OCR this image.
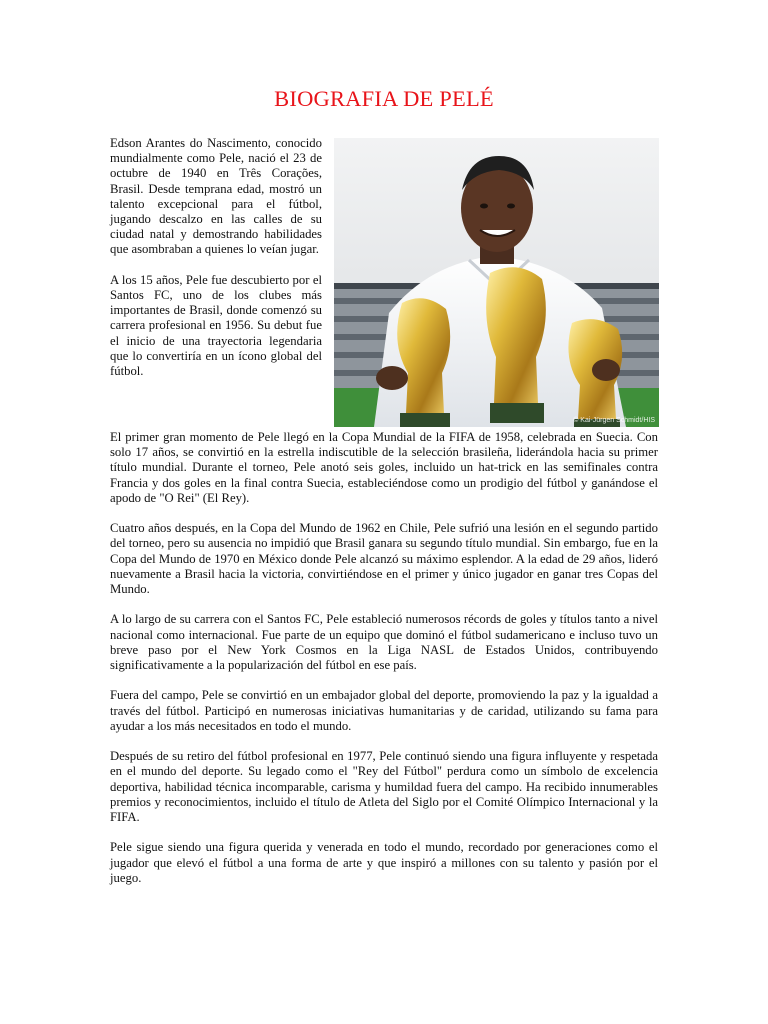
BIOGRAFIA DE PELÉ

Edson Arantes do Nascimento, conocido mundialmente como Pele, nació el 23 de octubre de 1940 en Três Corações, Brasil. Desde temprana edad, mostró un talento excepcional para el fútbol, jugando descalzo en las calles de su ciudad natal y demostrando habilidades que asombraban a quienes lo veían jugar.

A los 15 años, Pele fue descubierto por el Santos FC, uno de los clubes más importantes de Brasil, donde comenzó su carrera profesional en 1956. Su debut fue el inicio de una trayectoria legendaria que lo convertiría en un ícono global del fútbol.

© Kai-Jürgen Schmidt/HIS

El primer gran momento de Pele llegó en la Copa Mundial de la FIFA de 1958, celebrada en Suecia. Con solo 17 años, se convirtió en la estrella indiscutible de la selección brasileña, liderándola hacia su primer título mundial. Durante el torneo, Pele anotó seis goles, incluido un hat-trick en las semifinales contra Francia y dos goles en la final contra Suecia, estableciéndose como un prodigio del fútbol y ganándose el apodo de "O Rei" (El Rey).

Cuatro años después, en la Copa del Mundo de 1962 en Chile, Pele sufrió una lesión en el segundo partido del torneo, pero su ausencia no impidió que Brasil ganara su segundo título mundial. Sin embargo, fue en la Copa del Mundo de 1970 en México donde Pele alcanzó su máximo esplendor. A la edad de 29 años, lideró nuevamente a Brasil hacia la victoria, convirtiéndose en el primer y único jugador en ganar tres Copas del Mundo.

A lo largo de su carrera con el Santos FC, Pele estableció numerosos récords de goles y títulos tanto a nivel nacional como internacional. Fue parte de un equipo que dominó el fútbol sudamericano e incluso tuvo un breve paso por el New York Cosmos en la Liga NASL de Estados Unidos, contribuyendo significativamente a la popularización del fútbol en ese país.

Fuera del campo, Pele se convirtió en un embajador global del deporte, promoviendo la paz y la igualdad a través del fútbol. Participó en numerosas iniciativas humanitarias y de caridad, utilizando su fama para ayudar a los más necesitados en todo el mundo.

Después de su retiro del fútbol profesional en 1977, Pele continuó siendo una figura influyente y respetada en el mundo del deporte. Su legado como el "Rey del Fútbol" perdura como un símbolo de excelencia deportiva, habilidad técnica incomparable, carisma y humildad fuera del campo. Ha recibido innumerables premios y reconocimientos, incluido el título de Atleta del Siglo por el Comité Olímpico Internacional y la FIFA.

Pele sigue siendo una figura querida y venerada en todo el mundo, recordado por generaciones como el jugador que elevó el fútbol a una forma de arte y que inspiró a millones con su talento y pasión por el juego.
